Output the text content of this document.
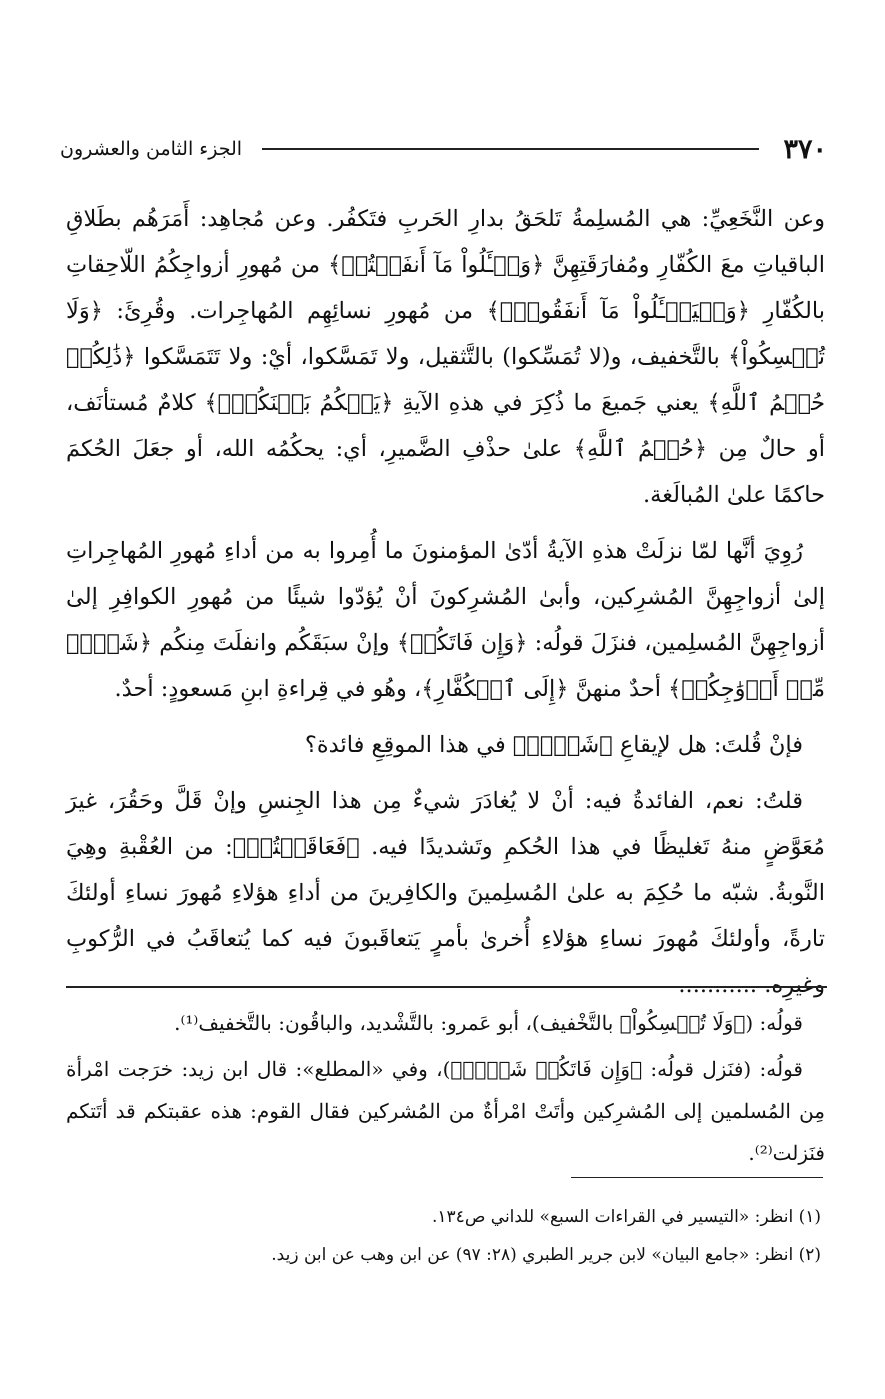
٣٧٠
الجزء الثامن والعشرون

وعن النَّخَعِيِّ: هي المُسلِمةُ تَلحَقُ بدارِ الحَربِ فتَكفُر. وعن مُجاهِد: أَمَرَهُم بطَلاقِ الباقياتِ معَ الكُفّارِ ومُفارَقَتِهِنَّ ﴿وَسۡـَٔلُواْ مَآ أَنفَقۡتُمۡ﴾ من مُهورِ أزواجِكُمُ اللّاحِقاتِ بالكُفّارِ ﴿وَلۡيَسۡـَٔلُواْ مَآ أَنفَقُواْۚ﴾ من مُهورِ نسائِهِم المُهاجِرات. وقُرِئَ: ﴿وَلَا تُمۡسِكُواْ﴾ بالتَّخفيف، و(لا تُمَسِّكوا) بالتَّثقيل، ولا تَمَسَّكوا، أيْ: ولا تَتَمَسَّكوا ﴿ذَٰلِكُمۡ حُكۡمُ ٱللَّهِ﴾ يعني جَميعَ ما ذُكِرَ في هذهِ الآيةِ ﴿يَحۡكُمُ بَيۡنَكُمۡۖ﴾ كلامٌ مُستأنَف، أو حالٌ مِن ﴿حُكۡمُ ٱللَّهِ﴾ علىٰ حذْفِ الضَّميرِ، أي: يحكُمُه الله، أو جعَلَ الحُكمَ حاكمًا علىٰ المُبالَغة.

رُوِيَ أنَّها لمّا نزلَتْ هذهِ الآيةُ أدّىٰ المؤمنونَ ما أُمِروا به من أداءِ مُهورِ المُهاجِراتِ إلىٰ أزواجِهِنَّ المُشرِكين، وأبىٰ المُشرِكونَ أنْ يُؤدّوا شيئًا من مُهورِ الكوافِرِ إلىٰ أزواجِهِنَّ المُسلِمين، فنزَلَ قولُه: ﴿وَإِن فَاتَكُمۡ﴾ وإنْ سبَقَكُم وانفلَتَ مِنكُم ﴿شَيۡءٞ مِّنۡ أَزۡوَٰجِكُمۡ﴾ أحدٌ منهنَّ ﴿إِلَى ٱلۡكُفَّارِ﴾، وهُو في قِراءةِ ابنِ مَسعودٍ: أحدٌ.

فإنْ قُلتَ: هل لإيقاعِ ﴿شَيۡءٞ﴾ في هذا الموقِعِ فائدة؟

قلتُ: نعم، الفائدةُ فيه: أنْ لا يُغادَرَ شيءٌ مِن هذا الجِنسِ وإنْ قَلَّ وحَقُرَ، غيرَ مُعَوَّضٍ منهُ تَغليظًا في هذا الحُكمِ وتَشديدًا فيه. ﴿فَعَاقَبۡتُمۡ﴾: من العُقْبةِ وهِيَ النَّوبةُ. شبّه ما حُكِمَ به علىٰ المُسلِمينَ والكافِرينَ من أداءِ هؤلاءِ مُهورَ نساءِ أولئكَ تارةً، وأولئكَ مُهورَ نساءِ هؤلاءِ أُخرىٰ بأمرٍ يَتعاقَبونَ فيه كما يُتعاقَبُ في الرُّكوبِ وغيرِه. ...........

قولُه: (﴿وَلَا تُمۡسِكُواْ﴾ بالتَّخْفيف)، أبو عَمرو: بالتَّشْديد، والباقُون: بالتَّخفيف⁽¹⁾.

قولُه: (فنَزل قولُه: ﴿وَإِن فَاتَكُمۡ شَيۡءٞ﴾)، وفي «المطلع»: قال ابن زيد: خرَجت امْرأة مِن المُسلمين إلى المُشرِكين وأتَتْ امْرأةٌ من المُشركين فقال القوم: هذه عقبتكم قد أتَتكم فنَزلت⁽²⁾.

(١) انظر: «التيسير في القراءات السبع» للداني ص١٣٤.
(٢) انظر: «جامع البيان» لابن جرير الطبري (٢٨: ٩٧) عن ابن وهب عن ابن زيد.
